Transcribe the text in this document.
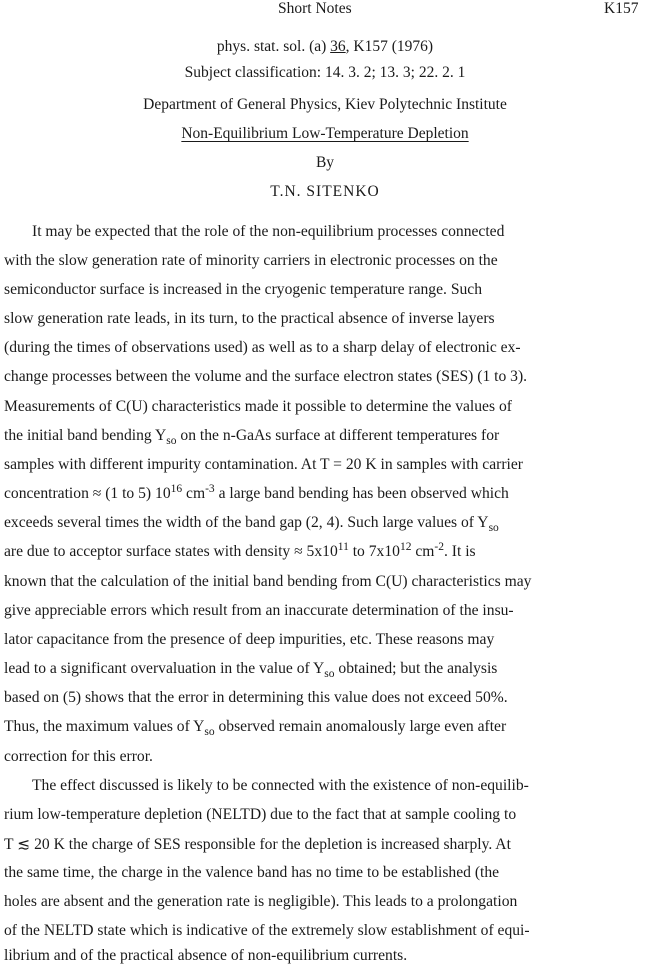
Short Notes	K157
phys. stat. sol. (a) 36, K157 (1976)
Subject classification: 14. 3. 2; 13. 3; 22. 2. 1
Department of General Physics, Kiev Polytechnic Institute
Non-Equilibrium Low-Temperature Depletion
By
T.N. SITENKO
It may be expected that the role of the non-equilibrium processes connected
with the slow generation rate of minority carriers in electronic processes on the
semiconductor surface is increased in the cryogenic temperature range. Such
slow generation rate leads, in its turn, to the practical absence of inverse layers
(during the times of observations used) as well as to a sharp delay of electronic ex-
change processes between the volume and the surface electron states (SES) (1 to 3).
Measurements of C(U) characteristics made it possible to determine the values of
the initial band bending $Y_{so}$ on the n-GaAs surface at different temperatures for
samples with different impurity contamination. At T = 20 K in samples with carrier
concentration ≈ (1 to 5) $10^{16}$ $cm^{-3}$ a large band bending has been observed which
exceeds several times the width of the band gap (2, 4). Such large values of $Y_{so}$
are due to acceptor surface states with density ≈ $5x10^{11}$ to $7x10^{12}$ $cm^{-2}$. It is
known that the calculation of the initial band bending from C(U) characteristics may
give appreciable errors which result from an inaccurate determination of the insu-
lator capacitance from the presence of deep impurities, etc. These reasons may
lead to a significant overvaluation in the value of $Y_{so}$ obtained; but the analysis
based on (5) shows that the error in determining this value does not exceed 50%.
Thus, the maximum values of $Y_{so}$ observed remain anomalously large even after
correction for this error.
The effect discussed is likely to be connected with the existence of non-equilib-
rium low-temperature depletion (NELTD) due to the fact that at sample cooling to
T ≲ 20 K the charge of SES responsible for the depletion is increased sharply. At
the same time, the charge in the valence band has no time to be established (the
holes are absent and the generation rate is negligible). This leads to a prolongation
of the NELTD state which is indicative of the extremely slow establishment of equi-
librium and of the practical absence of non-equilibrium currents.
